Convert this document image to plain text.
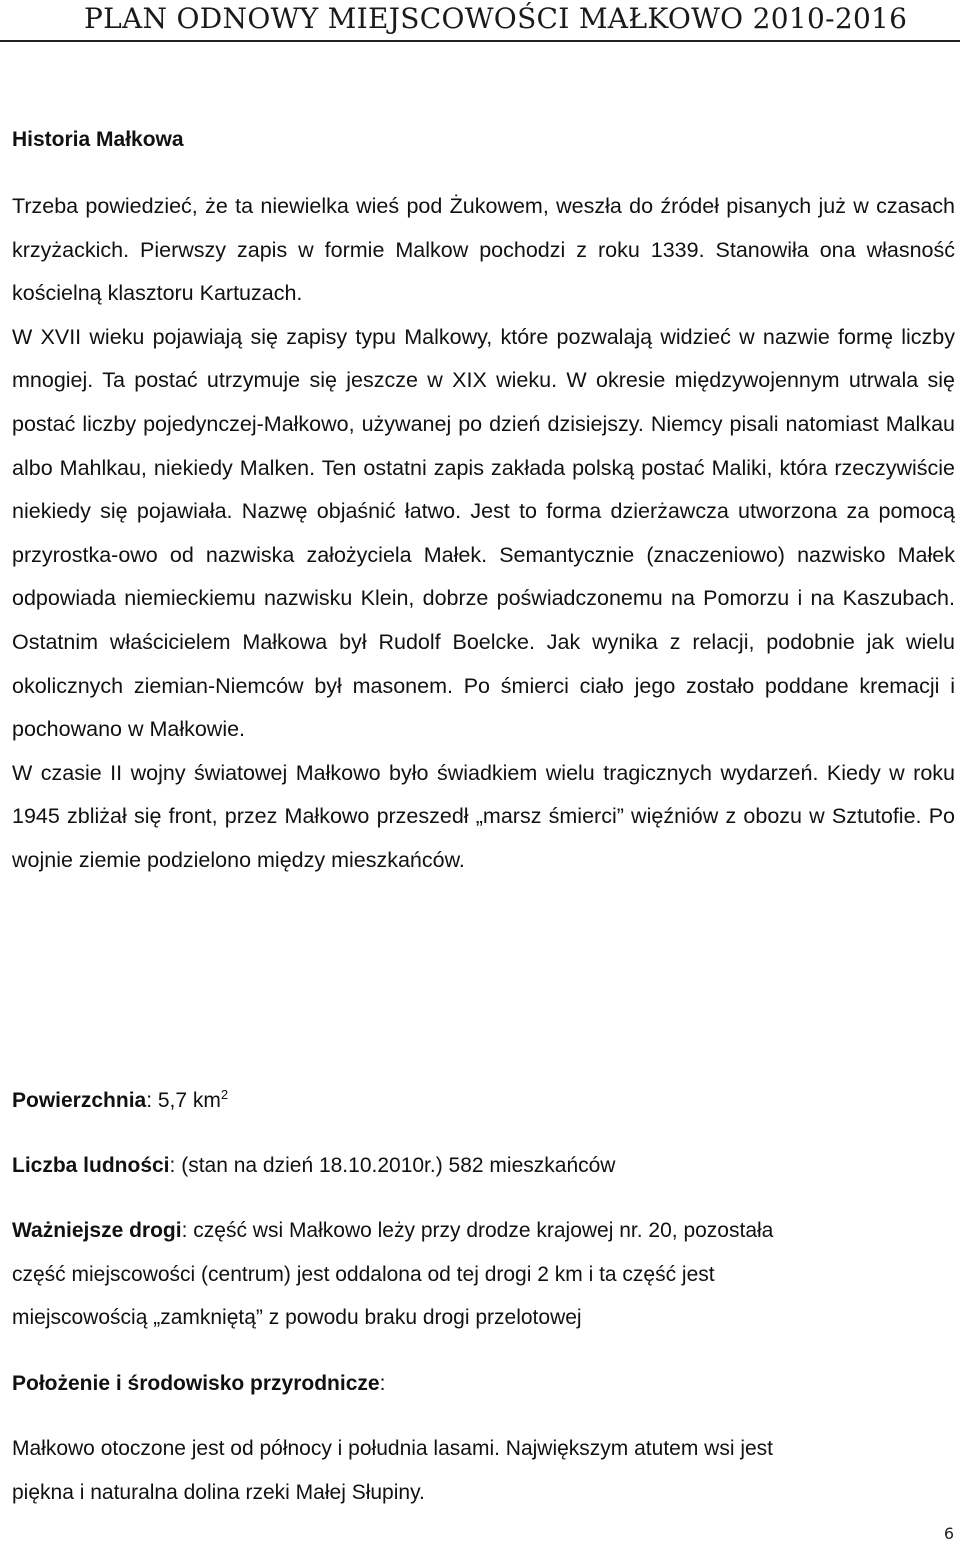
PLAN ODNOWY MIEJSCOWOŚCI MAŁKOWO 2010-2016
Historia Małkowa

Trzeba powiedzieć, że ta niewielka wieś pod Żukowem, weszła do źródeł pisanych już w czasach krzyżackich. Pierwszy zapis w formie Malkow pochodzi z roku 1339. Stanowiła ona własność kościelną klasztoru Kartuzach.

W XVII wieku pojawiają się zapisy typu Malkowy, które pozwalają widzieć w nazwie formę liczby mnogiej. Ta postać utrzymuje się jeszcze w XIX wieku. W okresie międzywojennym utrwala się postać liczby pojedynczej-Małkowo, używanej po dzień dzisiejszy. Niemcy pisali natomiast Malkau albo Mahlkau, niekiedy Malken. Ten ostatni zapis zakłada polską postać Maliki, która rzeczywiście niekiedy się pojawiała. Nazwę objaśnić łatwo. Jest to forma dzierżawcza utworzona za pomocą przyrostka-owo od nazwiska założyciela Małek. Semantycznie (znaczeniowo) nazwisko Małek odpowiada niemieckiemu nazwisku Klein, dobrze poświadczonemu na Pomorzu i na Kaszubach. Ostatnim właścicielem Małkowa był Rudolf Boelcke. Jak wynika z relacji, podobnie jak wielu okolicznych ziemian-Niemców był masonem. Po śmierci ciało jego zostało poddane kremacji i pochowano w Małkowie.

W czasie II wojny światowej Małkowo było świadkiem wielu tragicznych wydarzeń. Kiedy w roku 1945 zbliżał się front, przez Małkowo przeszedł „marsz śmierci” więźniów z obozu w Sztutofie. Po wojnie ziemie podzielono między mieszkańców.

Powierzchnia: 5,7 $km^2$
Liczba ludności: (stan na dzień 18.10.2010r.) 582 mieszkańców
Ważniejsze drogi: część wsi Małkowo leży przy drodze krajowej nr. 20, pozostała
część miejscowości (centrum) jest oddalona od tej drogi 2 km i ta część jest
miejscowością „zamkniętą” z powodu braku drogi przelotowej
Położenie i środowisko przyrodnicze:
Małkowo otoczone jest od północy i południa lasami. Największym atutem wsi jest
piękna i naturalna dolina rzeki Małej Słupiny.
6
